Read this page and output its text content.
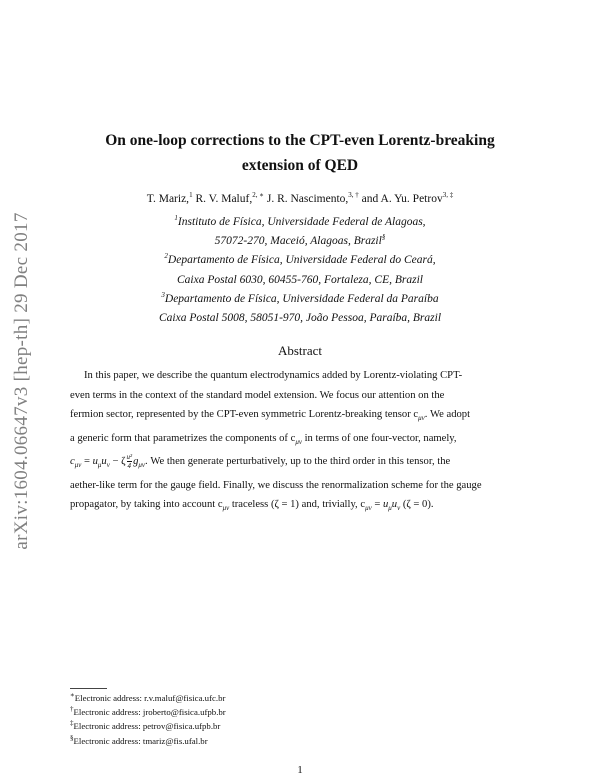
arXiv:1604.06647v3 [hep-th] 29 Dec 2017
On one-loop corrections to the CPT-even Lorentz-breaking
extension of QED
T. Mariz,$^1$ R. V. Maluf,$^{2, ∗}$ J. R. Nascimento,$^{3, \dagger}$ and A. Yu. Petrov$^{3, \ddagger}$
$^1$Instituto de Física, Universidade Federal de Alagoas,
57072-270, Maceió, Alagoas, Brazil§
$^2$Departamento de Física, Universidade Federal do Ceará,
Caixa Postal 6030, 60455-760, Fortaleza, CE, Brazil
$^3$Departamento de Física, Universidade Federal da Paraíba
Caixa Postal 5008, 58051-970, João Pessoa, Paraíba, Brazil
Abstract
In this paper, we describe the quantum electrodynamics added by Lorentz-violating CPT-
even terms in the context of the standard model extension. We focus our attention on the
fermion sector, represented by the CPT-even symmetric Lorentz-breaking tensor $c_{\mu\nu}$. We adopt
a generic form that parametrizes the components of $c_{\mu\nu}$ in terms of one four-vector, namely,
$c_{\mu\nu} = u_\mu u_\nu - \zeta \frac{\text{u²}}{4} g_{\mu\nu}$. We then generate perturbatively, up to the third order in this tensor, the
aether-like term for the gauge field. Finally, we discuss the renormalization scheme for the gauge
propagator, by taking into account $c_{\mu\nu}$ traceless (ζ = 1) and, trivially, $c_{\mu\nu} = u_\mu u_\nu$ (ζ = 0).
∗Electronic address: r.v.maluf@fisica.ufc.br
†Electronic address: jroberto@fisica.ufpb.br
‡Electronic address: petrov@fisica.ufpb.br
§Electronic address: tmariz@fis.ufal.br
1
